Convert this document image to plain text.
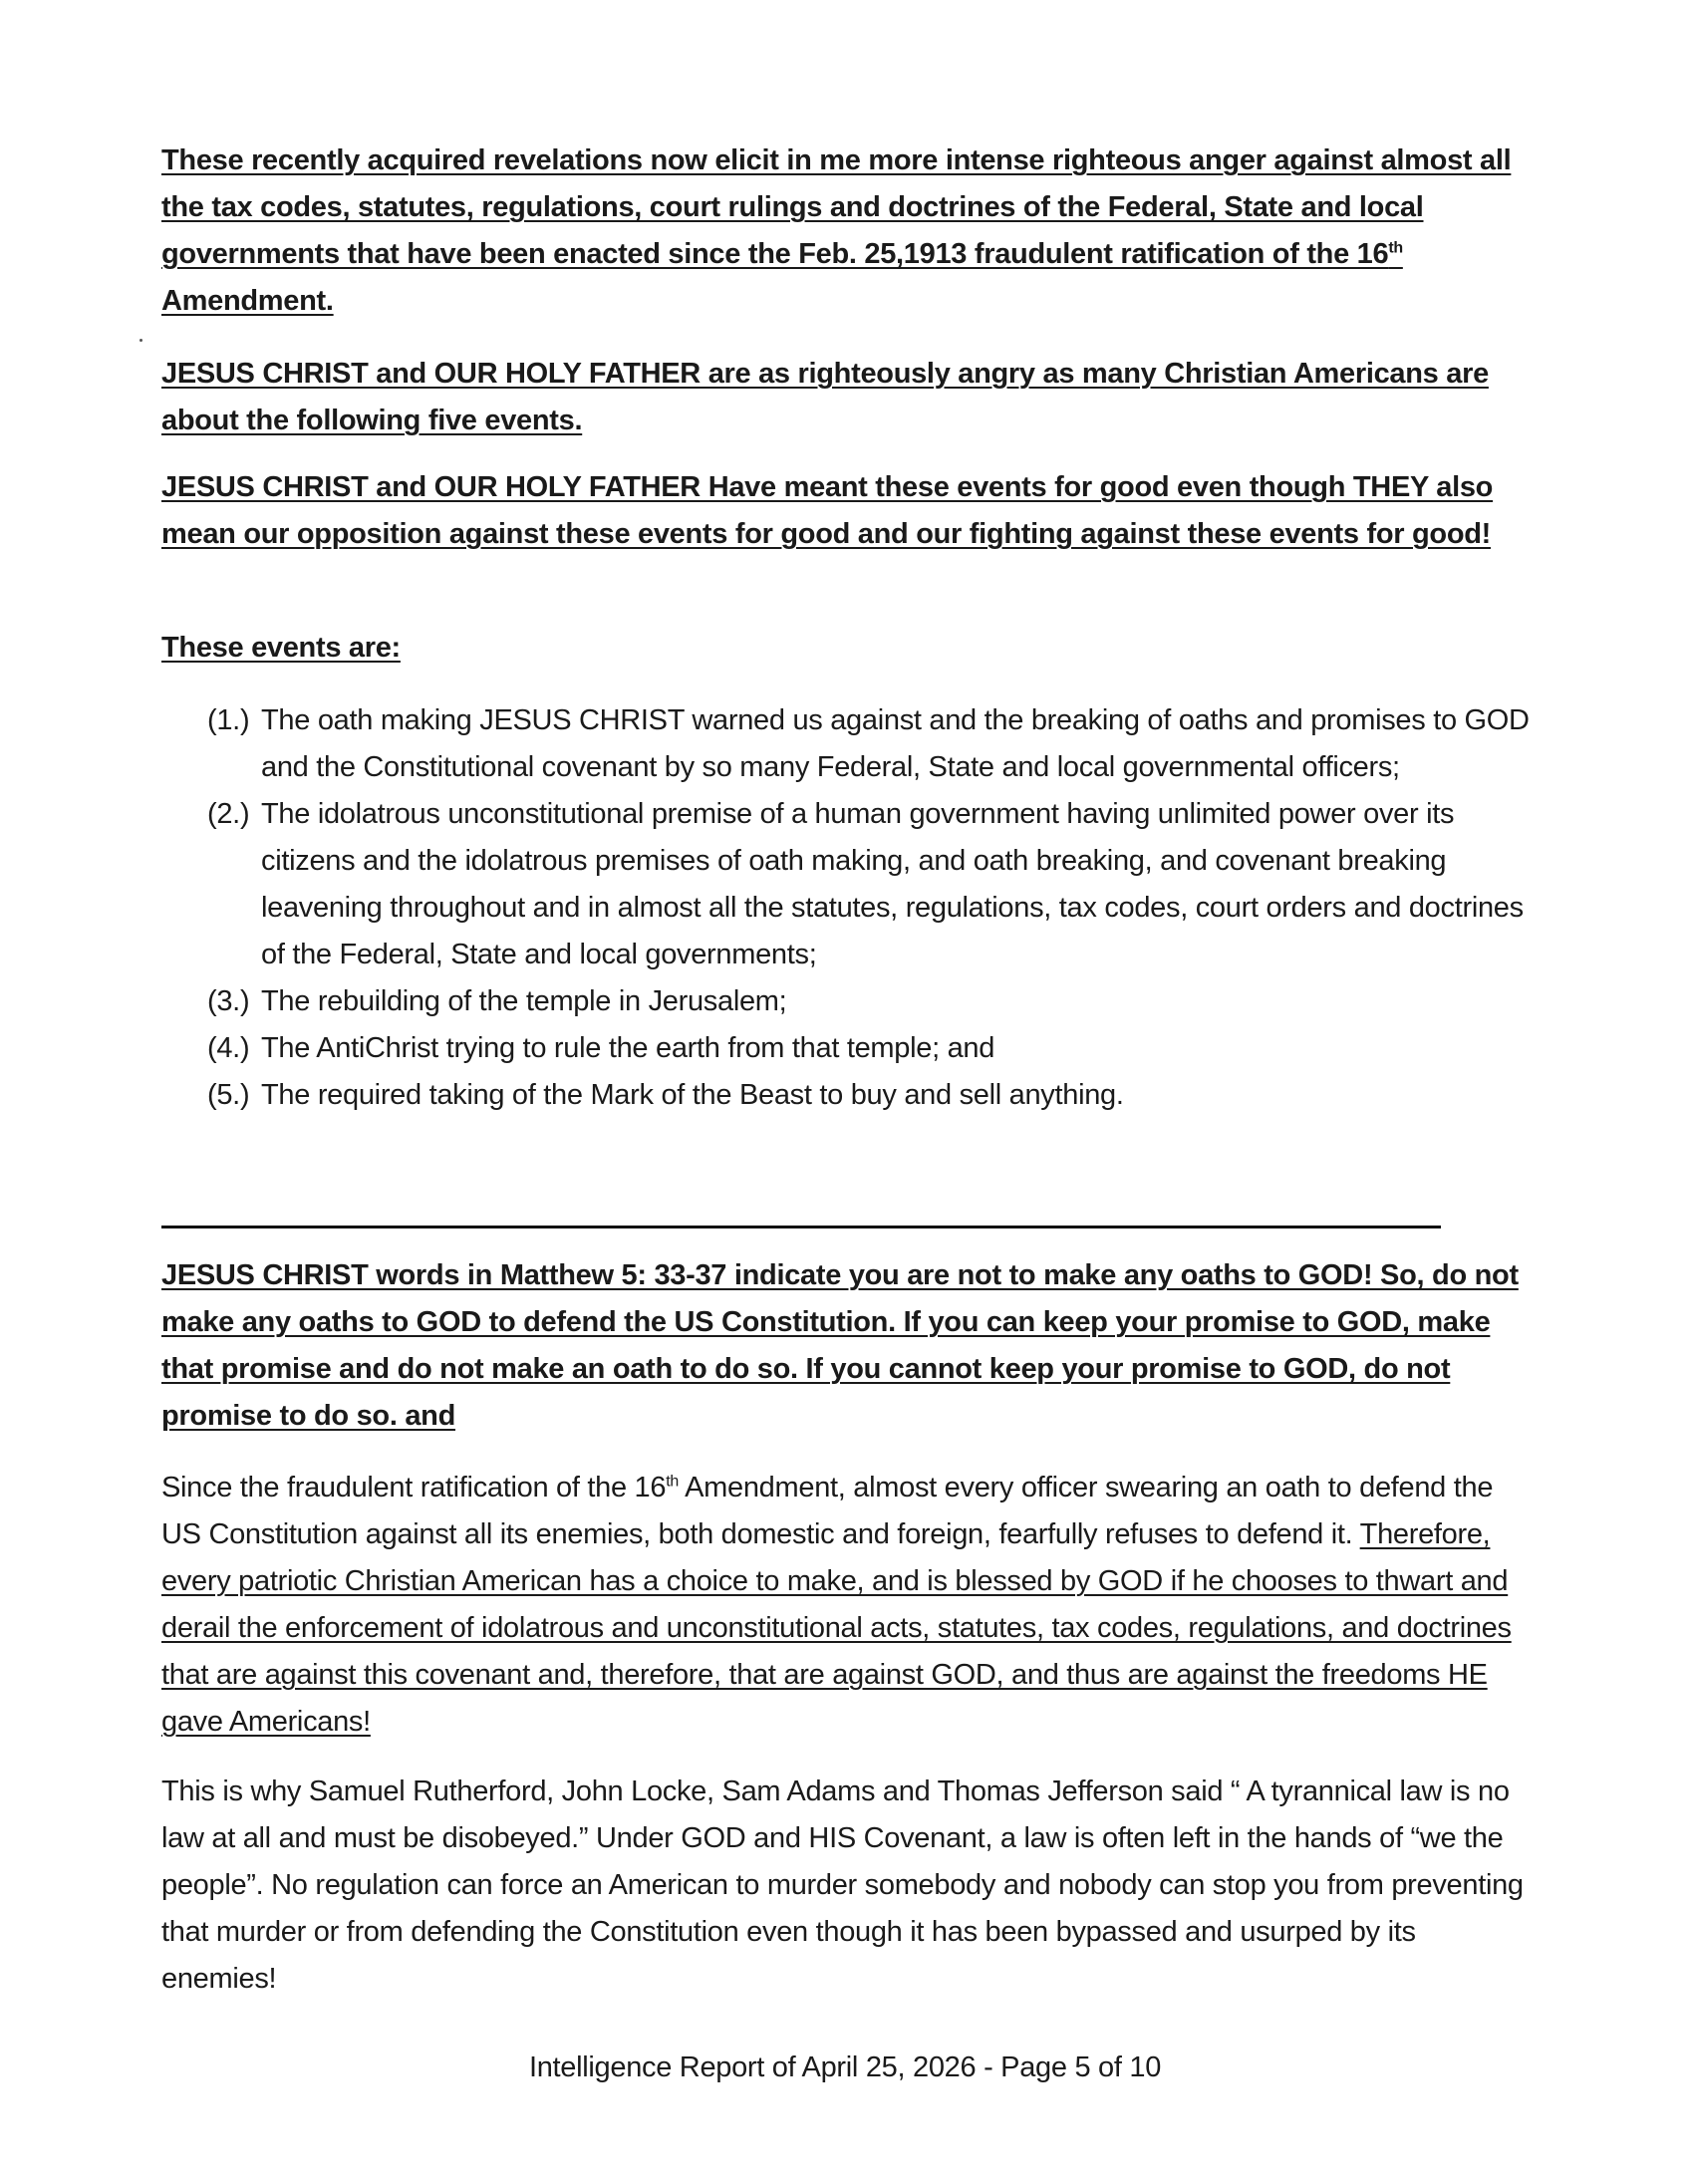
These recently acquired revelations now elicit in me more intense righteous anger against almost all the tax codes, statutes, regulations, court rulings and doctrines of the Federal, State and local governments that have been enacted since the Feb. 25,1913 fraudulent ratification of the 16th Amendment.

JESUS CHRIST and OUR HOLY FATHER are as righteously angry as many Christian Americans are about the following five events.

JESUS CHRIST and OUR HOLY FATHER Have meant these events for good even though THEY also mean our opposition against these events for good and our fighting against these events for good!

These events are:

(1.) The oath making JESUS CHRIST warned us against and the breaking of oaths and promises to GOD and the Constitutional covenant by so many Federal, State and local governmental officers;
(2.) The idolatrous unconstitutional premise of a human government having unlimited power over its citizens and the idolatrous premises of oath making, and oath breaking, and covenant breaking leavening throughout and in almost all the statutes, regulations, tax codes, court orders and doctrines of the Federal, State and local governments;
(3.) The rebuilding of the temple in Jerusalem;
(4.) The AntiChrist trying to rule the earth from that temple; and
(5.) The required taking of the Mark of the Beast to buy and sell anything.

JESUS CHRIST words in Matthew 5: 33-37 indicate you are not to make any oaths to GOD! So, do not make any oaths to GOD to defend the US Constitution. If you can keep your promise to GOD, make that promise and do not make an oath to do so. If you cannot keep your promise to GOD, do not promise to do so. and

Since the fraudulent ratification of the 16th Amendment, almost every officer swearing an oath to defend the US Constitution against all its enemies, both domestic and foreign, fearfully refuses to defend it. Therefore, every patriotic Christian American has a choice to make, and is blessed by GOD if he chooses to thwart and derail the enforcement of idolatrous and unconstitutional acts, statutes, tax codes, regulations, and doctrines that are against this covenant and, therefore, that are against GOD, and thus are against the freedoms HE gave Americans!

This is why Samuel Rutherford, John Locke, Sam Adams and Thomas Jefferson said “ A tyrannical law is no law at all and must be disobeyed.” Under GOD and HIS Covenant, a law is often left in the hands of “we the people”. No regulation can force an American to murder somebody and nobody can stop you from preventing that murder or from defending the Constitution even though it has been bypassed and usurped by its enemies!

Intelligence Report of April 25, 2026 - Page 5 of 10
